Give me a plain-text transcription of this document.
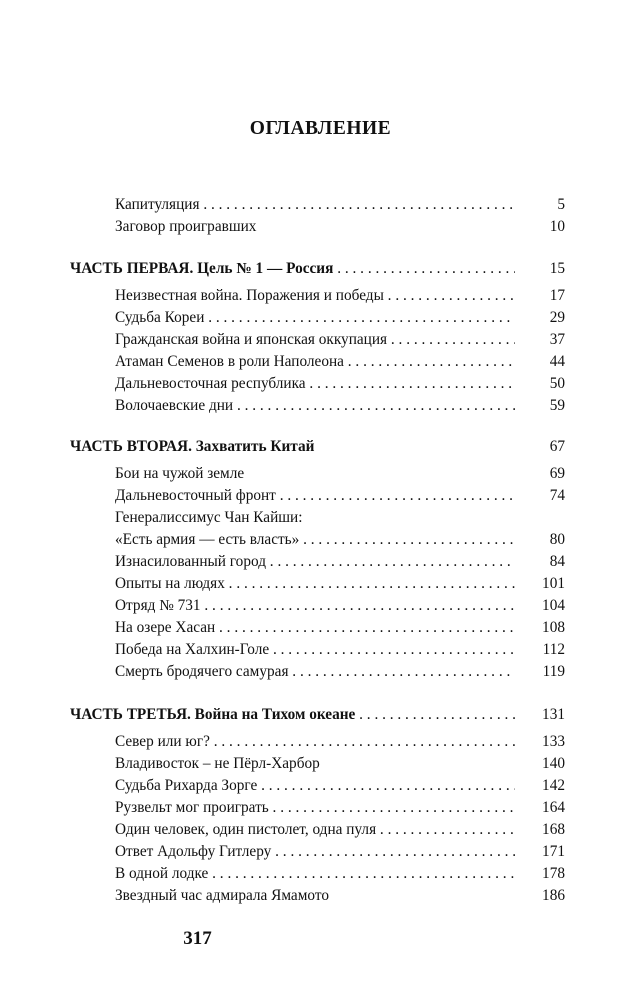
ОГЛАВЛЕНИЕ
Капитуляция . . .	5
Заговор проигравших	10
ЧАСТЬ ПЕРВАЯ. Цель № 1 — Россия . . .	15
Неизвестная война. Поражения и победы . . .	17
Судьба Кореи . . .	29
Гражданская война и японская оккупация . . .	37
Атаман Семенов в роли Наполеона . . .	44
Дальневосточная республика . . .	50
Волочаевские дни . . .	59
ЧАСТЬ ВТОРАЯ. Захватить Китай	67
Бои на чужой земле	69
Дальневосточный фронт . . .	74
Генералиссимус Чан Кайши:
«Есть армия — есть власть» . . .	80
Изнасилованный город . . .	84
Опыты на людях . . .	101
Отряд № 731 . . .	104
На озере Хасан . . .	108
Победа на Халхин-Голе . . .	112
Смерть бродячего самурая . . .	119
ЧАСТЬ ТРЕТЬЯ. Война на Тихом океане . . .	131
Север или юг? . . .	133
Владивосток – не Пёрл-Харбор	140
Судьба Рихарда Зорге . . .	142
Рузвельт мог проиграть . . .	164
Один человек, один пистолет, одна пуля . . .	168
Ответ Адольфу Гитлеру . . .	171
В одной лодке . . .	178
Звездный час адмирала Ямамото	186
317
